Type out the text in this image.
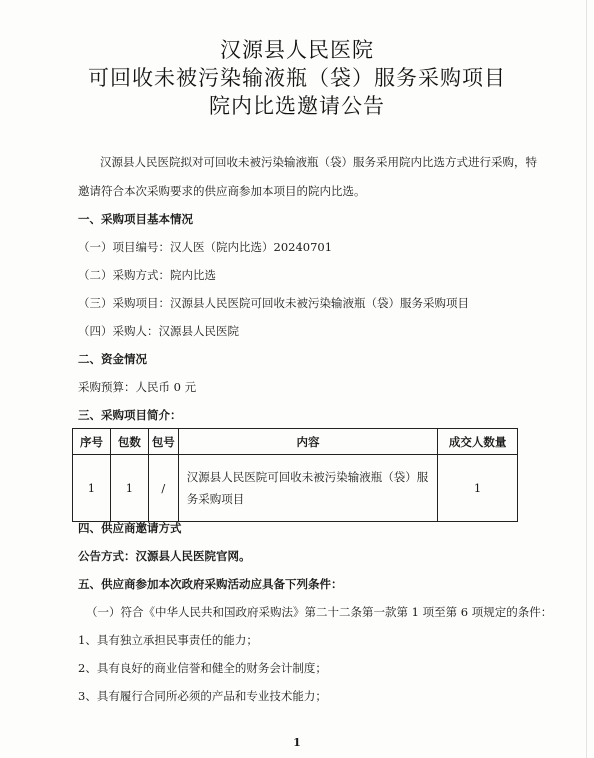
汉源县人民医院
可回收未被污染输液瓶（袋）服务采购项目
院内比选邀请公告
汉源县人民医院拟对可回收未被污染输液瓶（袋）服务采用院内比选方式进行采购，特
邀请符合本次采购要求的供应商参加本项目的院内比选。
一、采购项目基本情况
（一）项目编号：汉人医（院内比选）20240701
（二）采购方式：院内比选
（三）采购项目：汉源县人民医院可回收未被污染输液瓶（袋）服务采购项目
（四）采购人：汉源县人民医院
二、资金情况
采购预算：人民币 0 元
三、采购项目简介：
序号	包数	包号	内容	成交人数量
1	1	/	汉源县人民医院可回收未被污染输液瓶（袋）服务采购项目	1
四、供应商邀请方式
公告方式：汉源县人民医院官网。
五、供应商参加本次政府采购活动应具备下列条件：
（一）符合《中华人民共和国政府采购法》第二十二条第一款第 1 项至第 6 项规定的条件：
1、具有独立承担民事责任的能力；
2、具有良好的商业信誉和健全的财务会计制度；
3、具有履行合同所必须的产品和专业技术能力；
1
